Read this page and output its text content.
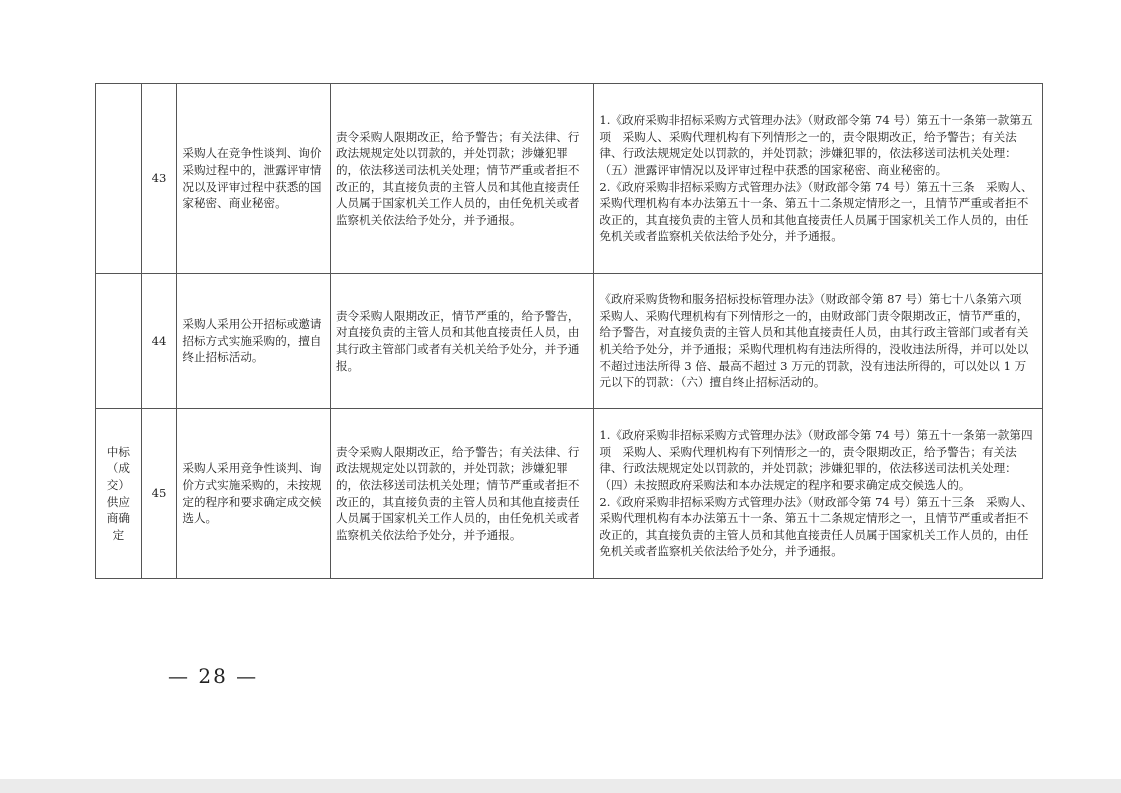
	43	采购人在竞争性谈判、询价采购过程中的，泄露评审情况以及评审过程中获悉的国家秘密、商业秘密。	责令采购人限期改正，给予警告；有关法律、行政法规规定处以罚款的，并处罚款；涉嫌犯罪的，依法移送司法机关处理；情节严重或者拒不改正的，其直接负责的主管人员和其他直接责任人员属于国家机关工作人员的，由任免机关或者监察机关依法给予处分，并予通报。	1.《政府采购非招标采购方式管理办法》（财政部令第 74 号）第五十一条第一款第五项　采购人、采购代理机构有下列情形之一的，责令限期改正，给予警告；有关法律、行政法规规定处以罚款的，并处罚款；涉嫌犯罪的，依法移送司法机关处理：（五）泄露评审情况以及评审过程中获悉的国家秘密、商业秘密的。
2.《政府采购非招标采购方式管理办法》（财政部令第 74 号）第五十三条　采购人、采购代理机构有本办法第五十一条、第五十二条规定情形之一，且情节严重或者拒不改正的，其直接负责的主管人员和其他直接责任人员属于国家机关工作人员的，由任免机关或者监察机关依法给予处分，并予通报。

	44	采购人采用公开招标或邀请招标方式实施采购的，擅自终止招标活动。	责令采购人限期改正，情节严重的，给予警告，对直接负责的主管人员和其他直接责任人员，由其行政主管部门或者有关机关给予处分，并予通报。	《政府采购货物和服务招标投标管理办法》（财政部令第 87 号）第七十八条第六项　采购人、采购代理机构有下列情形之一的，由财政部门责令限期改正，情节严重的，给予警告，对直接负责的主管人员和其他直接责任人员，由其行政主管部门或者有关机关给予处分，并予通报；采购代理机构有违法所得的，没收违法所得，并可以处以不超过违法所得 3 倍、最高不超过 3 万元的罚款，没有违法所得的，可以处以 1 万元以下的罚款：（六）擅自终止招标活动的。

中标（成交）供应商确定	45	采购人采用竞争性谈判、询价方式实施采购的，未按规定的程序和要求确定成交候选人。	责令采购人限期改正，给予警告；有关法律、行政法规规定处以罚款的，并处罚款；涉嫌犯罪的，依法移送司法机关处理；情节严重或者拒不改正的，其直接负责的主管人员和其他直接责任人员属于国家机关工作人员的，由任免机关或者监察机关依法给予处分，并予通报。	1.《政府采购非招标采购方式管理办法》（财政部令第 74 号）第五十一条第一款第四项　采购人、采购代理机构有下列情形之一的，责令限期改正，给予警告；有关法律、行政法规规定处以罚款的，并处罚款；涉嫌犯罪的，依法移送司法机关处理：（四）未按照政府采购法和本办法规定的程序和要求确定成交候选人的。
2.《政府采购非招标采购方式管理办法》（财政部令第 74 号）第五十三条　采购人、采购代理机构有本办法第五十一条、第五十二条规定情形之一，且情节严重或者拒不改正的，其直接负责的主管人员和其他直接责任人员属于国家机关工作人员的，由任免机关或者监察机关依法给予处分，并予通报。
— 28 —
